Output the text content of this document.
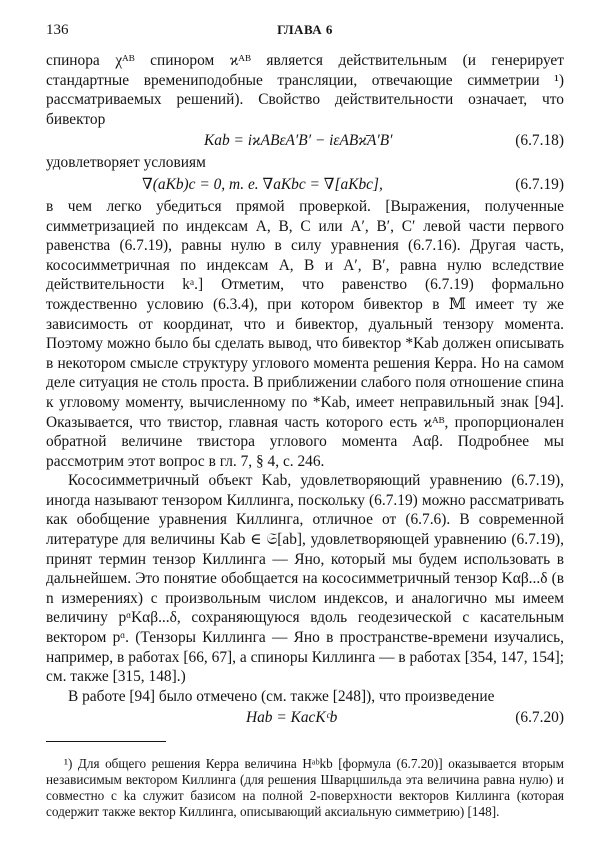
136	ГЛАВА 6

спинора χᴬᴮ спинором ϰᴬᴮ является действительным (и генерирует стандартные времениподобные трансляции, отвечающие симметрии ¹) рассматриваемых решений). Свойство действительности означает, что бивектор

Kab = iϰABεA′B′ − iεABϰ̄A′B′	(6.7.18)

удовлетворяет условиям

∇(aKb)c = 0, т. е. ∇aKbc = ∇[aKbc],	(6.7.19)

в чем легко убедиться прямой проверкой. [Выражения, полученные симметризацией по индексам A, B, C или A′, B′, C′ левой части первого равенства (6.7.19), равны нулю в силу уравнения (6.7.16). Другая часть, кососимметричная по индексам A, B и A′, B′, равна нулю вследствие действительности kᵃ.] Отметим, что равенство (6.7.19) формально тождественно условию (6.3.4), при котором бивектор в 𝕄 имеет ту же зависимость от координат, что и бивектор, дуальный тензору момента. Поэтому можно было бы сделать вывод, что бивектор *Kab должен описывать в некотором смысле структуру углового момента решения Керра. Но на самом деле ситуация не столь проста. В приближении слабого поля отношение спина к угловому моменту, вычисленному по *Kab, имеет неправильный знак [94]. Оказывается, что твистор, главная часть которого есть ϰᴬᴮ, пропорционален обратной величине твистора углового момента Aαβ. Подробнее мы рассмотрим этот вопрос в гл. 7, § 4, с. 246.

Кососимметричный объект Kab, удовлетворяющий уравнению (6.7.19), иногда называют тензором Киллинга, поскольку (6.7.19) можно рассматривать как обобщение уравнения Киллинга, отличное от (6.7.6). В современной литературе для величины Kab ∈ 𝔖[ab], удовлетворяющей уравнению (6.7.19), принят термин тензор Киллинга — Яно, который мы будем использовать в дальнейшем. Это понятие обобщается на кососимметричный тензор Kαβ...δ (в n измерениях) с произвольным числом индексов, и аналогично мы имеем величину pᵅKαβ...δ, сохраняющуюся вдоль геодезической с касательным вектором pᵅ. (Тензоры Киллинга — Яно в пространстве-времени изучались, например, в работах [66, 67], а спиноры Киллинга — в работах [354, 147, 154]; см. также [315, 148].)

В работе [94] было отмечено (см. также [248]), что произведение

Hab = KacKᶜb	(6.7.20)

¹) Для общего решения Керра величина Hᵃᵇkb [формула (6.7.20)] оказывается вторым независимым вектором Киллинга (для решения Шварцшильда эта величина равна нулю) и совместно с ka служит базисом на полной 2-поверхности векторов Киллинга (которая содержит также вектор Киллинга, описывающий аксиальную симметрию) [148].
